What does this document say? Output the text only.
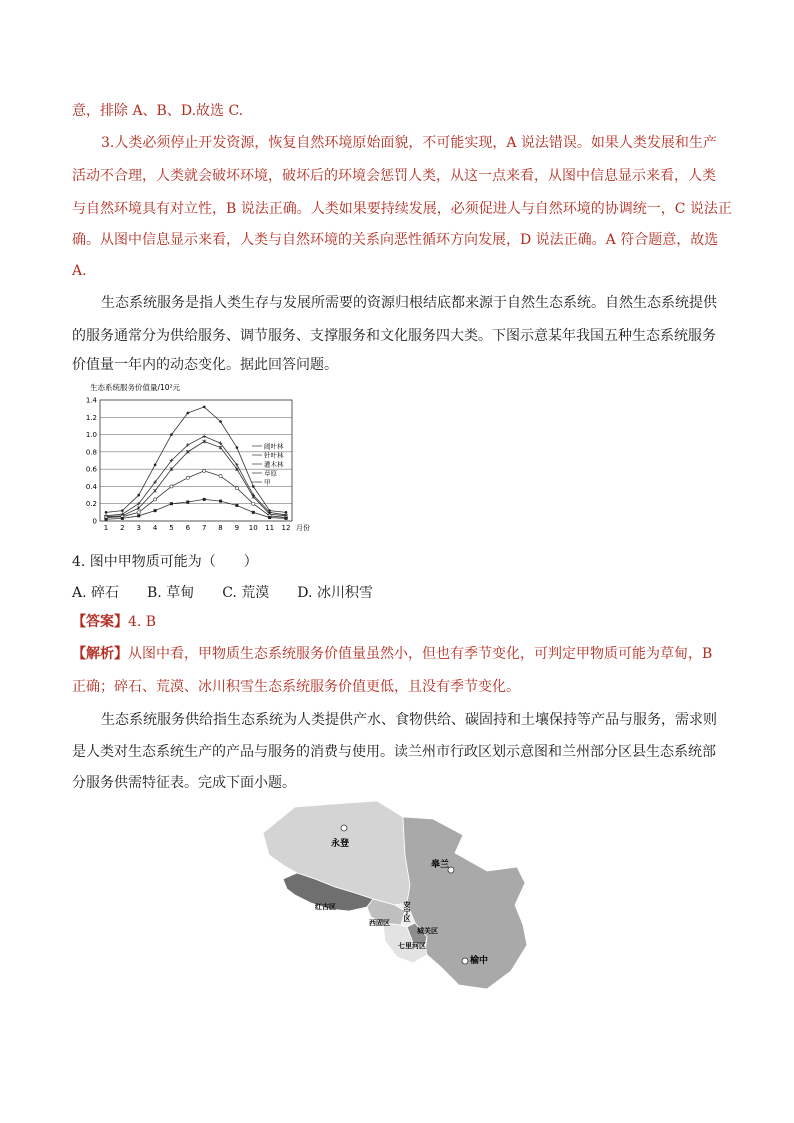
意，排除 A、B、D.故选 C.
3.人类必须停止开发资源，恢复自然环境原始面貌，不可能实现，A 说法错误。如果人类发展和生产
活动不合理，人类就会破坏环境，破坏后的环境会惩罚人类，从这一点来看，从图中信息显示来看，人类
与自然环境具有对立性，B 说法正确。人类如果要持续发展，必须促进人与自然环境的协调统一，C 说法正
确。从图中信息显示来看，人类与自然环境的关系向恶性循环方向发展，D 说法正确。A 符合题意，故选
A.
生态系统服务是指人类生存与发展所需要的资源归根结底都来源于自然生态系统。自然生态系统提供
的服务通常分为供给服务、调节服务、支撑服务和文化服务四大类。下图示意某年我国五种生态系统服务
价值量一年内的动态变化。据此回答问题。
生态系统服务价值量/10²元
0
0.2
0.4
0.6
0.8
1.0
1.2
1.4
1 2 3 4 5 6 7 8 9 10 11 12 月份
阔叶林
针叶林
灌木林
草原
甲
4. 图中甲物质可能为（　　）
A. 碎石　　B. 草甸　　C. 荒漠　　D. 冰川积雪
【答案】4. B
【解析】从图中看，甲物质生态系统服务价值量虽然小，但也有季节变化，可判定甲物质可能为草甸，B
正确；碎石、荒漠、冰川积雪生态系统服务价值更低，且没有季节变化。
生态系统服务供给指生态系统为人类提供产水、食物供给、碳固持和土壤保持等产品与服务，需求则
是人类对生态系统生产的产品与服务的消费与使用。读兰州市行政区划示意图和兰州部分区县生态系统部
分服务供需特征表。完成下面小题。
永登
皋兰
红古区
西固区
安宁区
城关区
七里河区
榆中
